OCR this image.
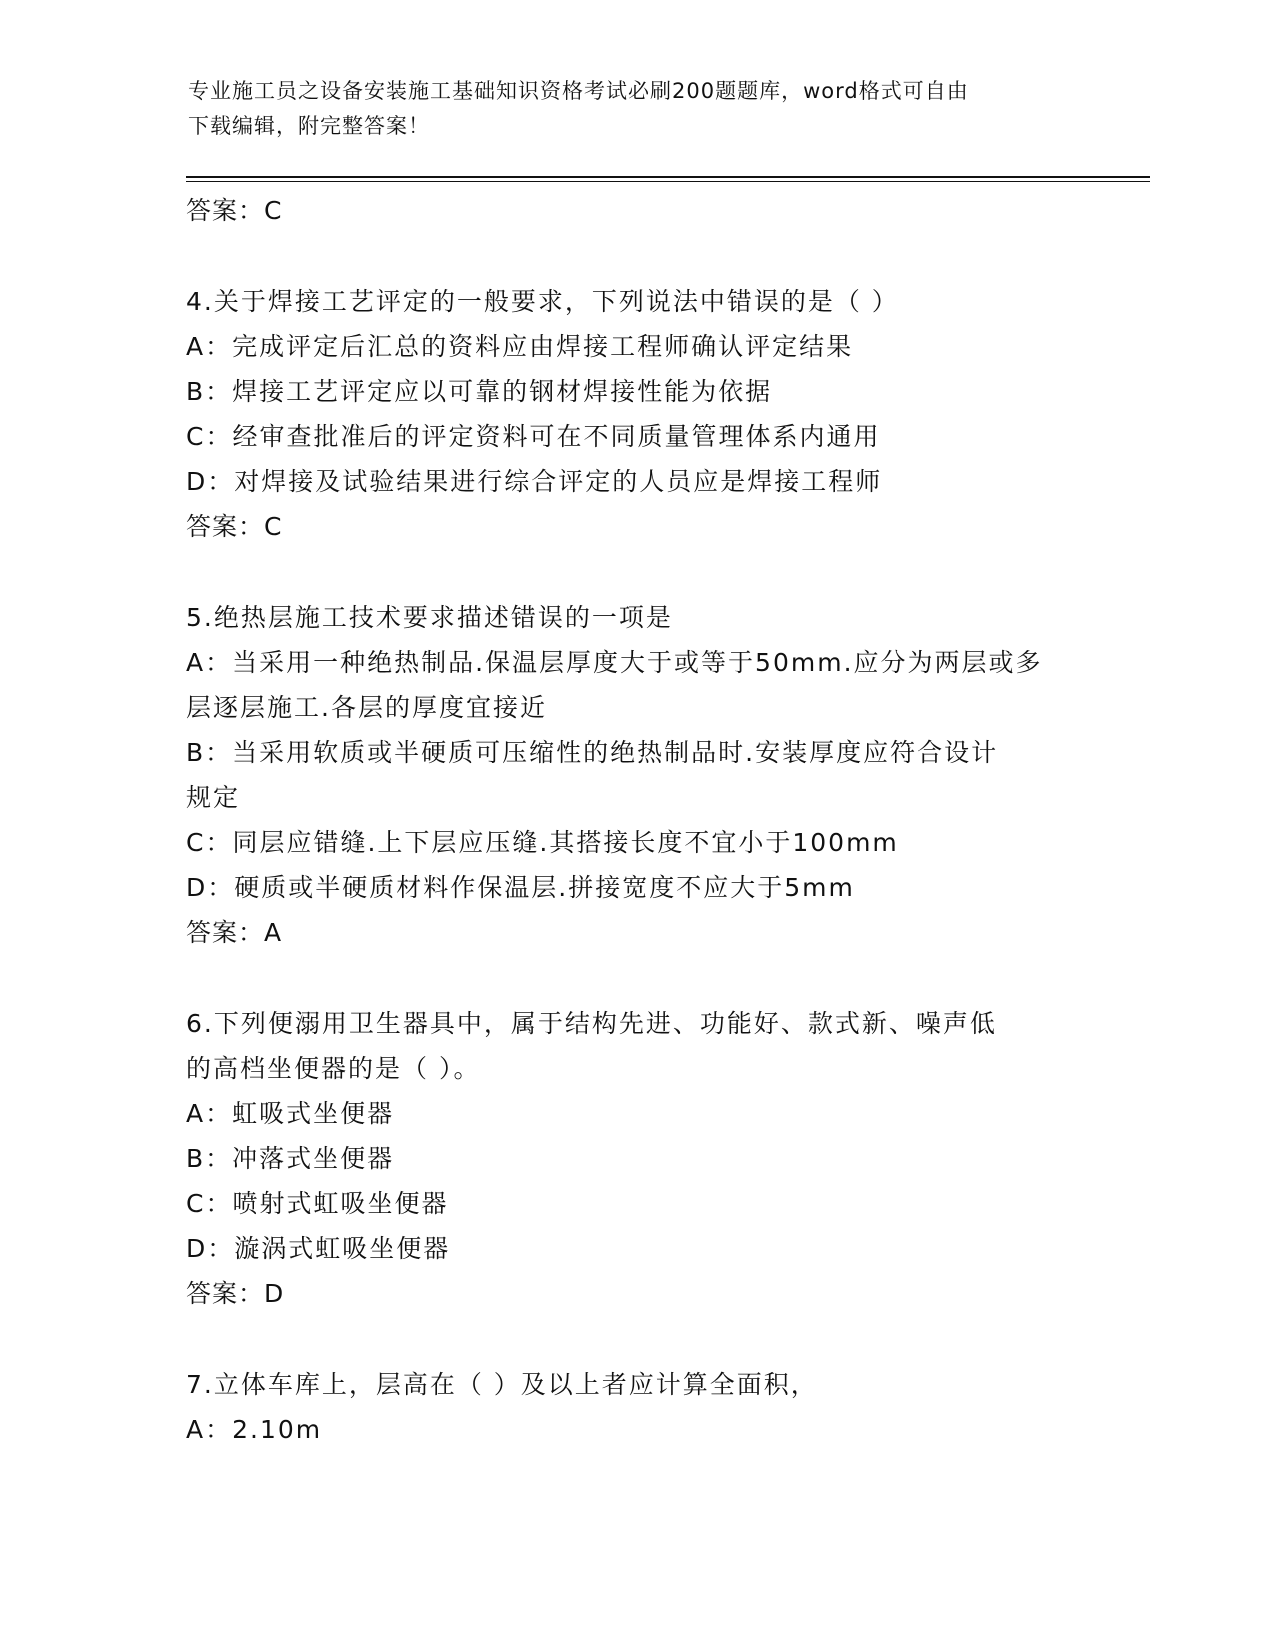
专业施工员之设备安装施工基础知识资格考试必刷200题题库，word格式可自由
下载编辑，附完整答案！
答案：C
4.关于焊接工艺评定的一般要求，下列说法中错误的是（ ）
A：完成评定后汇总的资料应由焊接工程师确认评定结果
B：焊接工艺评定应以可靠的钢材焊接性能为依据
C：经审查批准后的评定资料可在不同质量管理体系内通用
D：对焊接及试验结果进行综合评定的人员应是焊接工程师
答案：C
5.绝热层施工技术要求描述错误的一项是
A：当采用一种绝热制品.保温层厚度大于或等于50mm.应分为两层或多
层逐层施工.各层的厚度宜接近
B：当采用软质或半硬质可压缩性的绝热制品时.安装厚度应符合设计
规定
C：同层应错缝.上下层应压缝.其搭接长度不宜小于100mm
D：硬质或半硬质材料作保温层.拼接宽度不应大于5mm
答案：A
6.下列便溺用卫生器具中，属于结构先进、功能好、款式新、噪声低
的高档坐便器的是（ ）。
A：虹吸式坐便器
B：冲落式坐便器
C：喷射式虹吸坐便器
D：漩涡式虹吸坐便器
答案：D
7.立体车库上，层高在（ ）及以上者应计算全面积，
A：2.10m
